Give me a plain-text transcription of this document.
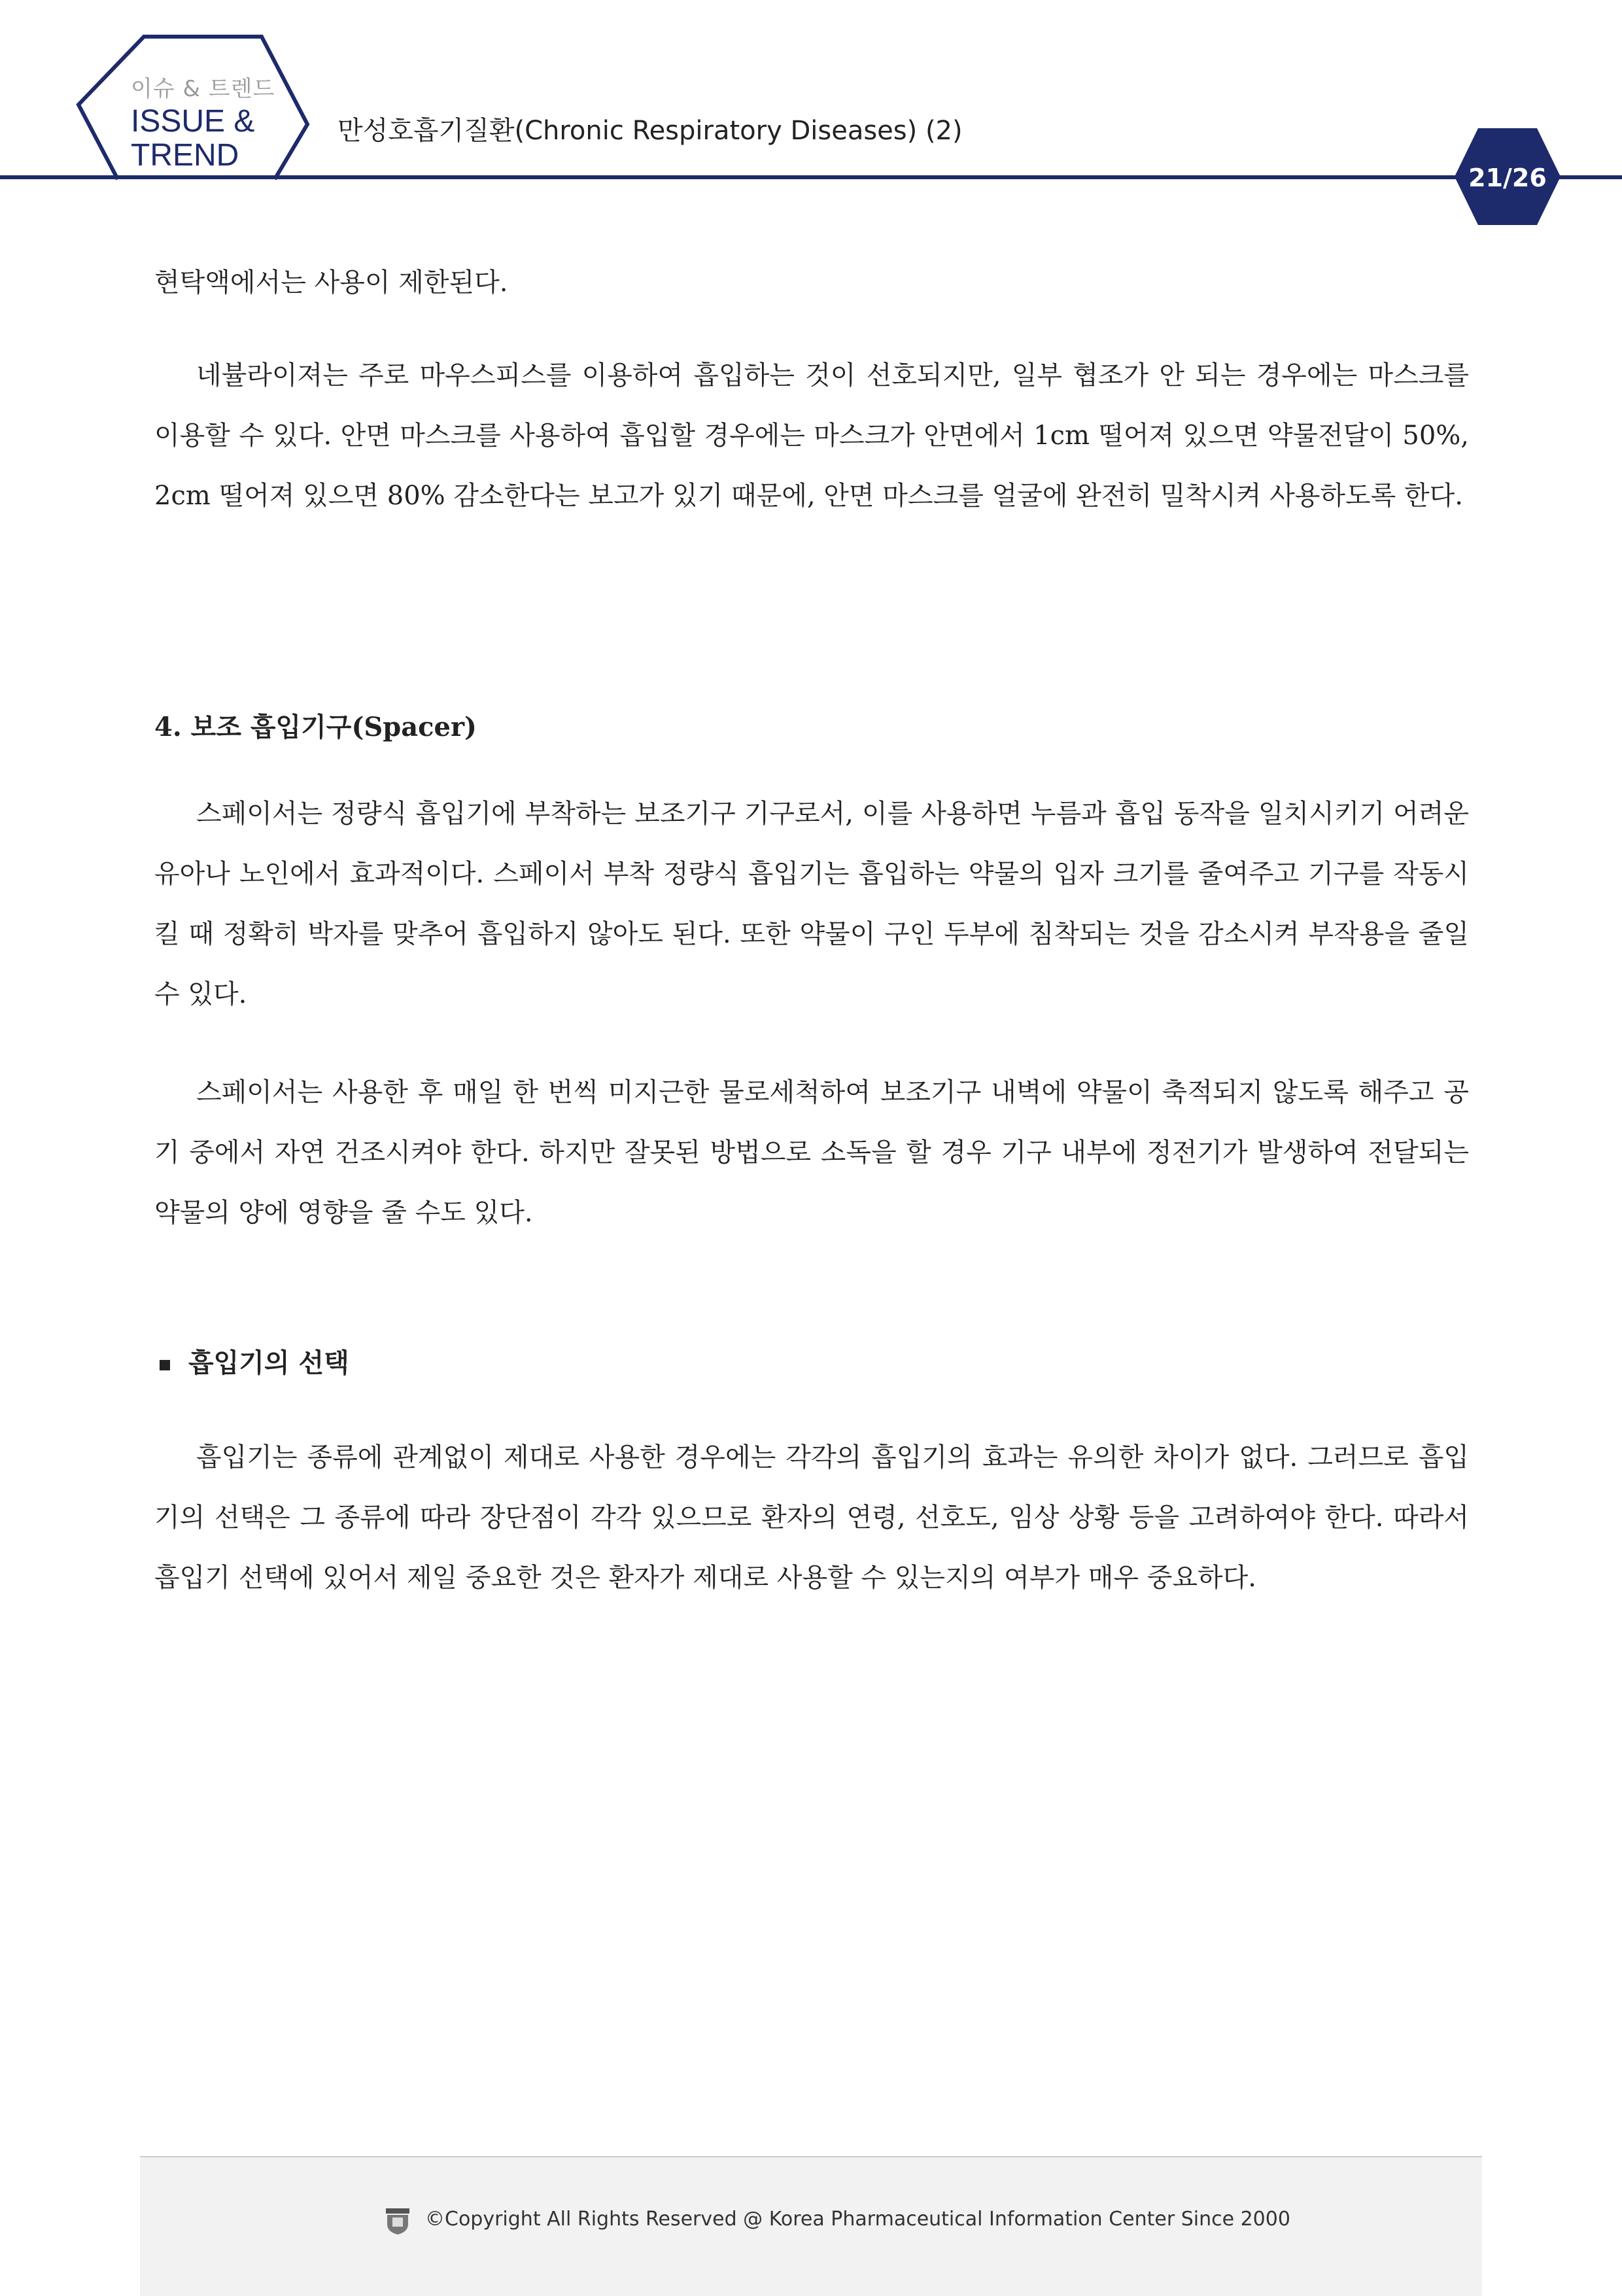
이슈 & 트렌드
ISSUE &
TREND
만성호흡기질환(Chronic Respiratory Diseases) (2)
21/26

현탁액에서는 사용이 제한된다.

네뷸라이져는 주로 마우스피스를 이용하여 흡입하는 것이 선호되지만, 일부 협조가 안 되는 경우에는 마스크를 이용할 수 있다. 안면 마스크를 사용하여 흡입할 경우에는 마스크가 안면에서 1cm 떨어져 있으면 약물전달이 50%, 2cm 떨어져 있으면 80% 감소한다는 보고가 있기 때문에, 안면 마스크를 얼굴에 완전히 밀착시켜 사용하도록 한다.

4. 보조 흡입기구(Spacer)

스페이서는 정량식 흡입기에 부착하는 보조기구 기구로서, 이를 사용하면 누름과 흡입 동작을 일치시키기 어려운 유아나 노인에서 효과적이다. 스페이서 부착 정량식 흡입기는 흡입하는 약물의 입자 크기를 줄여주고 기구를 작동시킬 때 정확히 박자를 맞추어 흡입하지 않아도 된다. 또한 약물이 구인 두부에 침착되는 것을 감소시켜 부작용을 줄일 수 있다.

스페이서는 사용한 후 매일 한 번씩 미지근한 물로세척하여 보조기구 내벽에 약물이 축적되지 않도록 해주고 공기 중에서 자연 건조시켜야 한다. 하지만 잘못된 방법으로 소독을 할 경우 기구 내부에 정전기가 발생하여 전달되는 약물의 양에 영향을 줄 수도 있다.

흡입기의 선택

흡입기는 종류에 관계없이 제대로 사용한 경우에는 각각의 흡입기의 효과는 유의한 차이가 없다. 그러므로 흡입기의 선택은 그 종류에 따라 장단점이 각각 있으므로 환자의 연령, 선호도, 임상 상황 등을 고려하여야 한다. 따라서 흡입기 선택에 있어서 제일 중요한 것은 환자가 제대로 사용할 수 있는지의 여부가 매우 중요하다.

©Copyright All Rights Reserved @ Korea Pharmaceutical Information Center Since 2000
